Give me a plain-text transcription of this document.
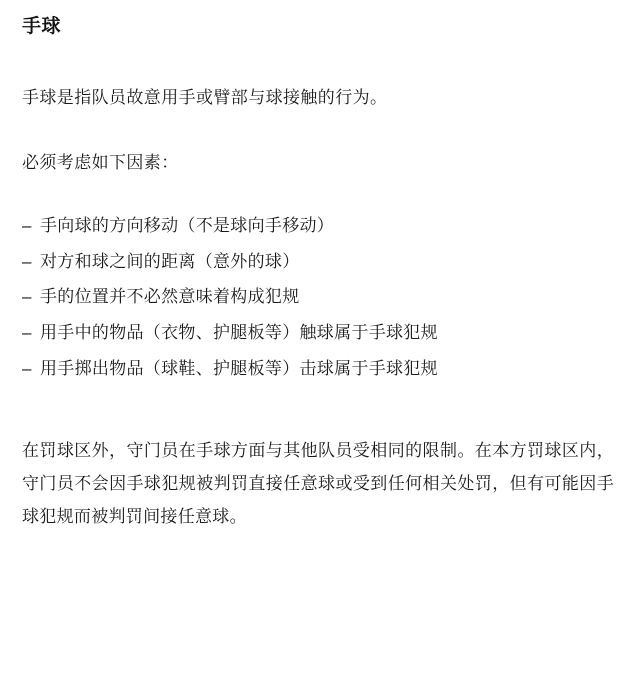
手球

手球是指队员故意用手或臂部与球接触的行为。

必须考虑如下因素：

– 手向球的方向移动（不是球向手移动）
– 对方和球之间的距离（意外的球）
– 手的位置并不必然意味着构成犯规
– 用手中的物品（衣物、护腿板等）触球属于手球犯规
– 用手掷出物品（球鞋、护腿板等）击球属于手球犯规

在罚球区外，守门员在手球方面与其他队员受相同的限制。在本方罚球区内，守门员不会因手球犯规被判罚直接任意球或受到任何相关处罚，但有可能因手球犯规而被判罚间接任意球。
